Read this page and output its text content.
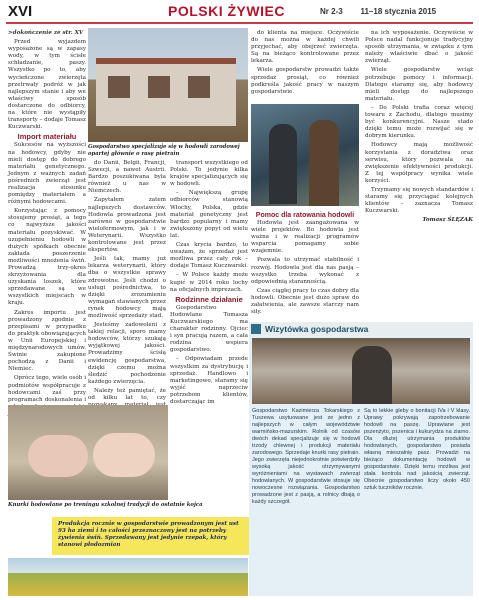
XVI	POLSKI ŻYWIEC	Nr 2-3 11–18 stycznia 2015

>dokończenie ze str. XV

Przed wyjazdem wyposażone są w zapasy wody, w tym ścisłe schładzanie, paszy. Wszystko po to, aby wycieńczone zwierzęta przetrwały podróż w jak najlepszym stanie i aby we właściwy sposób dostarczone do odbiorcy, na które nie wystąpiły transporty – dodaje Tomasz Kuczwarski.

Import materiału

Sukcesów na wyższości na hodowcy, gdyby nie mieli dostęp do dobrego materiału genetycznego. Jednym z ważnych zadań pośrednich zwierząt jest realizacja stosunku pomiędzy materiałem a różnymi hodowcami.

Korzystając z pomocy stosujemy prosiąt, a tego co najwyższe jakości materiału pozyskiwać. W uzupełnieniu hodowli w dużych spółkach obecnie zakłada poszerzenie możliwości mnożenia świń. Prowadzą trzy-okres skrzyżowania dla uzyskania loszek, które sprzedawane są we wszystkich miejscach w kraju.

Zakres importu jest prowadzony zgodnie z przepisami w przypadku do praktyk obowiązujących w Unii Europejskiej i międzynarodowych umów. Świnie zakupione pochodzą z Danii i Niemiec.

Oprócz tego, wiele osób i podmiotów współpracuje z hodowcami zaś przy programach doskonalenia i

Gospodarstwo specjalizuje się w hodowli zarodowej opartej głównie o rasę pietrain

do Danii, Belgii, Francji, Szwecji, a nawet Austrii. Bardzo poszukiwana była również u nas w Niemczech.

Zapytałem zatem najlepszych dostawców. Hodowla prowadzona jest zarówno w gospodarstwie wielofermowym, jak i w Weterynarii. Wszystko kontrolowane jest przez ekspertów.

Jeśli tak, mamy już lekarza weterynarii, który dba o wszystkie sprawy zdrowotne. Jeśli chodzi o usługi pośrednictwa, to dzięki zrozumieniu wymagań stawianych przez rynek hodowcy mają możliwość sprzedaży stad.

Jesteśmy zadowoleni z takiej relacji, sporo mamy hodowców, którzy szukają wyjątkowej jakości. Prowadzimy ścisłą ewidencję gospodarstwa, dzięki czemu można śledzić pochodzenie każdego zwierzęcia.

Należy też pamiętać, że od kilku lat to, czy

transport wszystkiego od Polski. To jedynie kilka krajów specjalizujących się w hodowli.

– Największą grupę odbiorców stanowią Włochy, Polska, gdzie materiał genetyczny jest bardzo popularny i mamy zwiększony popyt od wielu lat.

Czas krycia bardzo, to uważam, że sprzedaż jest możliwa przez cały rok – dodaje Tomasz Kuczwarski.

– W Polsce każdy może kupić w 2014 roku lochy na oficjalnych imprezach.

Rodzinne działanie

Gospodarstwo Hodowlane Tomasza Kuczwarskiego ma charakter rodzinny. Ojciec i syn pracują razem, a cała rodzina wspiera gospodarstwo.

– Odpowiadam przede wszystkim za dystrybucję i sprzedaż. Handlowo i marketingowo, staramy się wyjść naprzeciw potrzebom klientów, dostarczając im

do klienta na miejsce. Oczywiście do nas można w każdej chwili przyjechać, aby obejrzeć zwierzęta. Są na bieżąco kontrolowane przez lekarza.

Wiele gospodarstw prowadzi także sprzedaż prosiąt, co również podkreśla jakość pracy w naszym gospodarstwie.

Pomoc dla ratowania hodowli

Hodowla jest zaangażowana w wiele projektów. Bo hodowla jest ważna i w realizacji programów wsparcia pomagamy sobie wzajemnie.

Pozwala to utrzymać stabilność i rozwój. Hodowla jest dla nas pasją – wszystko trzeba wykonać z odpowiednią starannością.

Czas ciągłej pracy to czas dobry dla hodowli. Obecnie jest dużo spraw do załatwienia, ale zawsze starczy nam siły.

na ich wyposażenie. Oczywiście w Polsce nadal funkcjonuje tradycyjny sposób utrzymania, w związku z tym należy właściwie dbać o jakość zwierząt.

Wiele gospodarstw wciąż potrzebuje pomocy i informacji. Dlatego staramy się, aby hodowcy mieli dostęp do najlepszego materiału.

– Do Polski trafia coraz więcej towaru z Zachodu, dlatego musimy być konkurencyjni. Nasze stado dzięki temu może rozwijać się w dobrym kierunku.

Hodowcy mają możliwość korzystania z doradztwa oraz serwisu, który pozwala na zwiększenie efektywności produkcji. Z tej współpracy wynika wiele korzyści.

Trzymamy się nowych standardów i staramy się przyciągać kolejnych klientów – zaznacza Tomasz Kuczwarski.

Tomasz ŚLĘZAK

Knurki hodowlane po treningu szkolnej tradycji do ostatnie kojca
Produkcja rocznie w gospodarstwie prowadzonym jest ust 93 ha ziemi i to całości przeznaczony jest na potrzeby żywienia świń. Sprzedawany jest jedynie rzepak, który stanowi płodozmian
Wizytówka gospodarstwa
Gospodarstwo Kazimierza Tokarskiego z Tuszewa usytuowane jest ze jedno z najlepszych w całym województwie warmińsko-mazurskim. Rolnik od czasów dwóch dekad specjalizuje się w hodowli trzody chlewnej i produkcji materiału zarodowego. Sprzedaje knurki rasy pietrain. Jego zwierzęta niejednokrotnie potwierdziły wysoką jakość otrzymywanymi wyróżnieniami na wystawach zwierząt hodowlanych. W gospodarstwie stosuje się nowoczesne rozwiązania. Gospodarstwo prowadzone jest z pasją, a rolnicy dbają o każdy szczegół.
Są to lekkie gleby o bonitacji IVa i V klasy. Uprawy pokrywają zapotrzebowanie hodowli na paszę. Uprawiane jest pszenżyto, pszenica i kukurydza na ziarno. Dla dłużej utrzymania produktów hodowlanych, gospodarstwo posiada własną mieszalnię pasz. Prowadzi na bieżąco dokumentację hodowli w gospodarstwie. Dzięki temu możliwa jest stała kontrola nad jakością zwierząt. Obecnie gospodarstwo liczy około 450 sztuk tuczników rocznie.
